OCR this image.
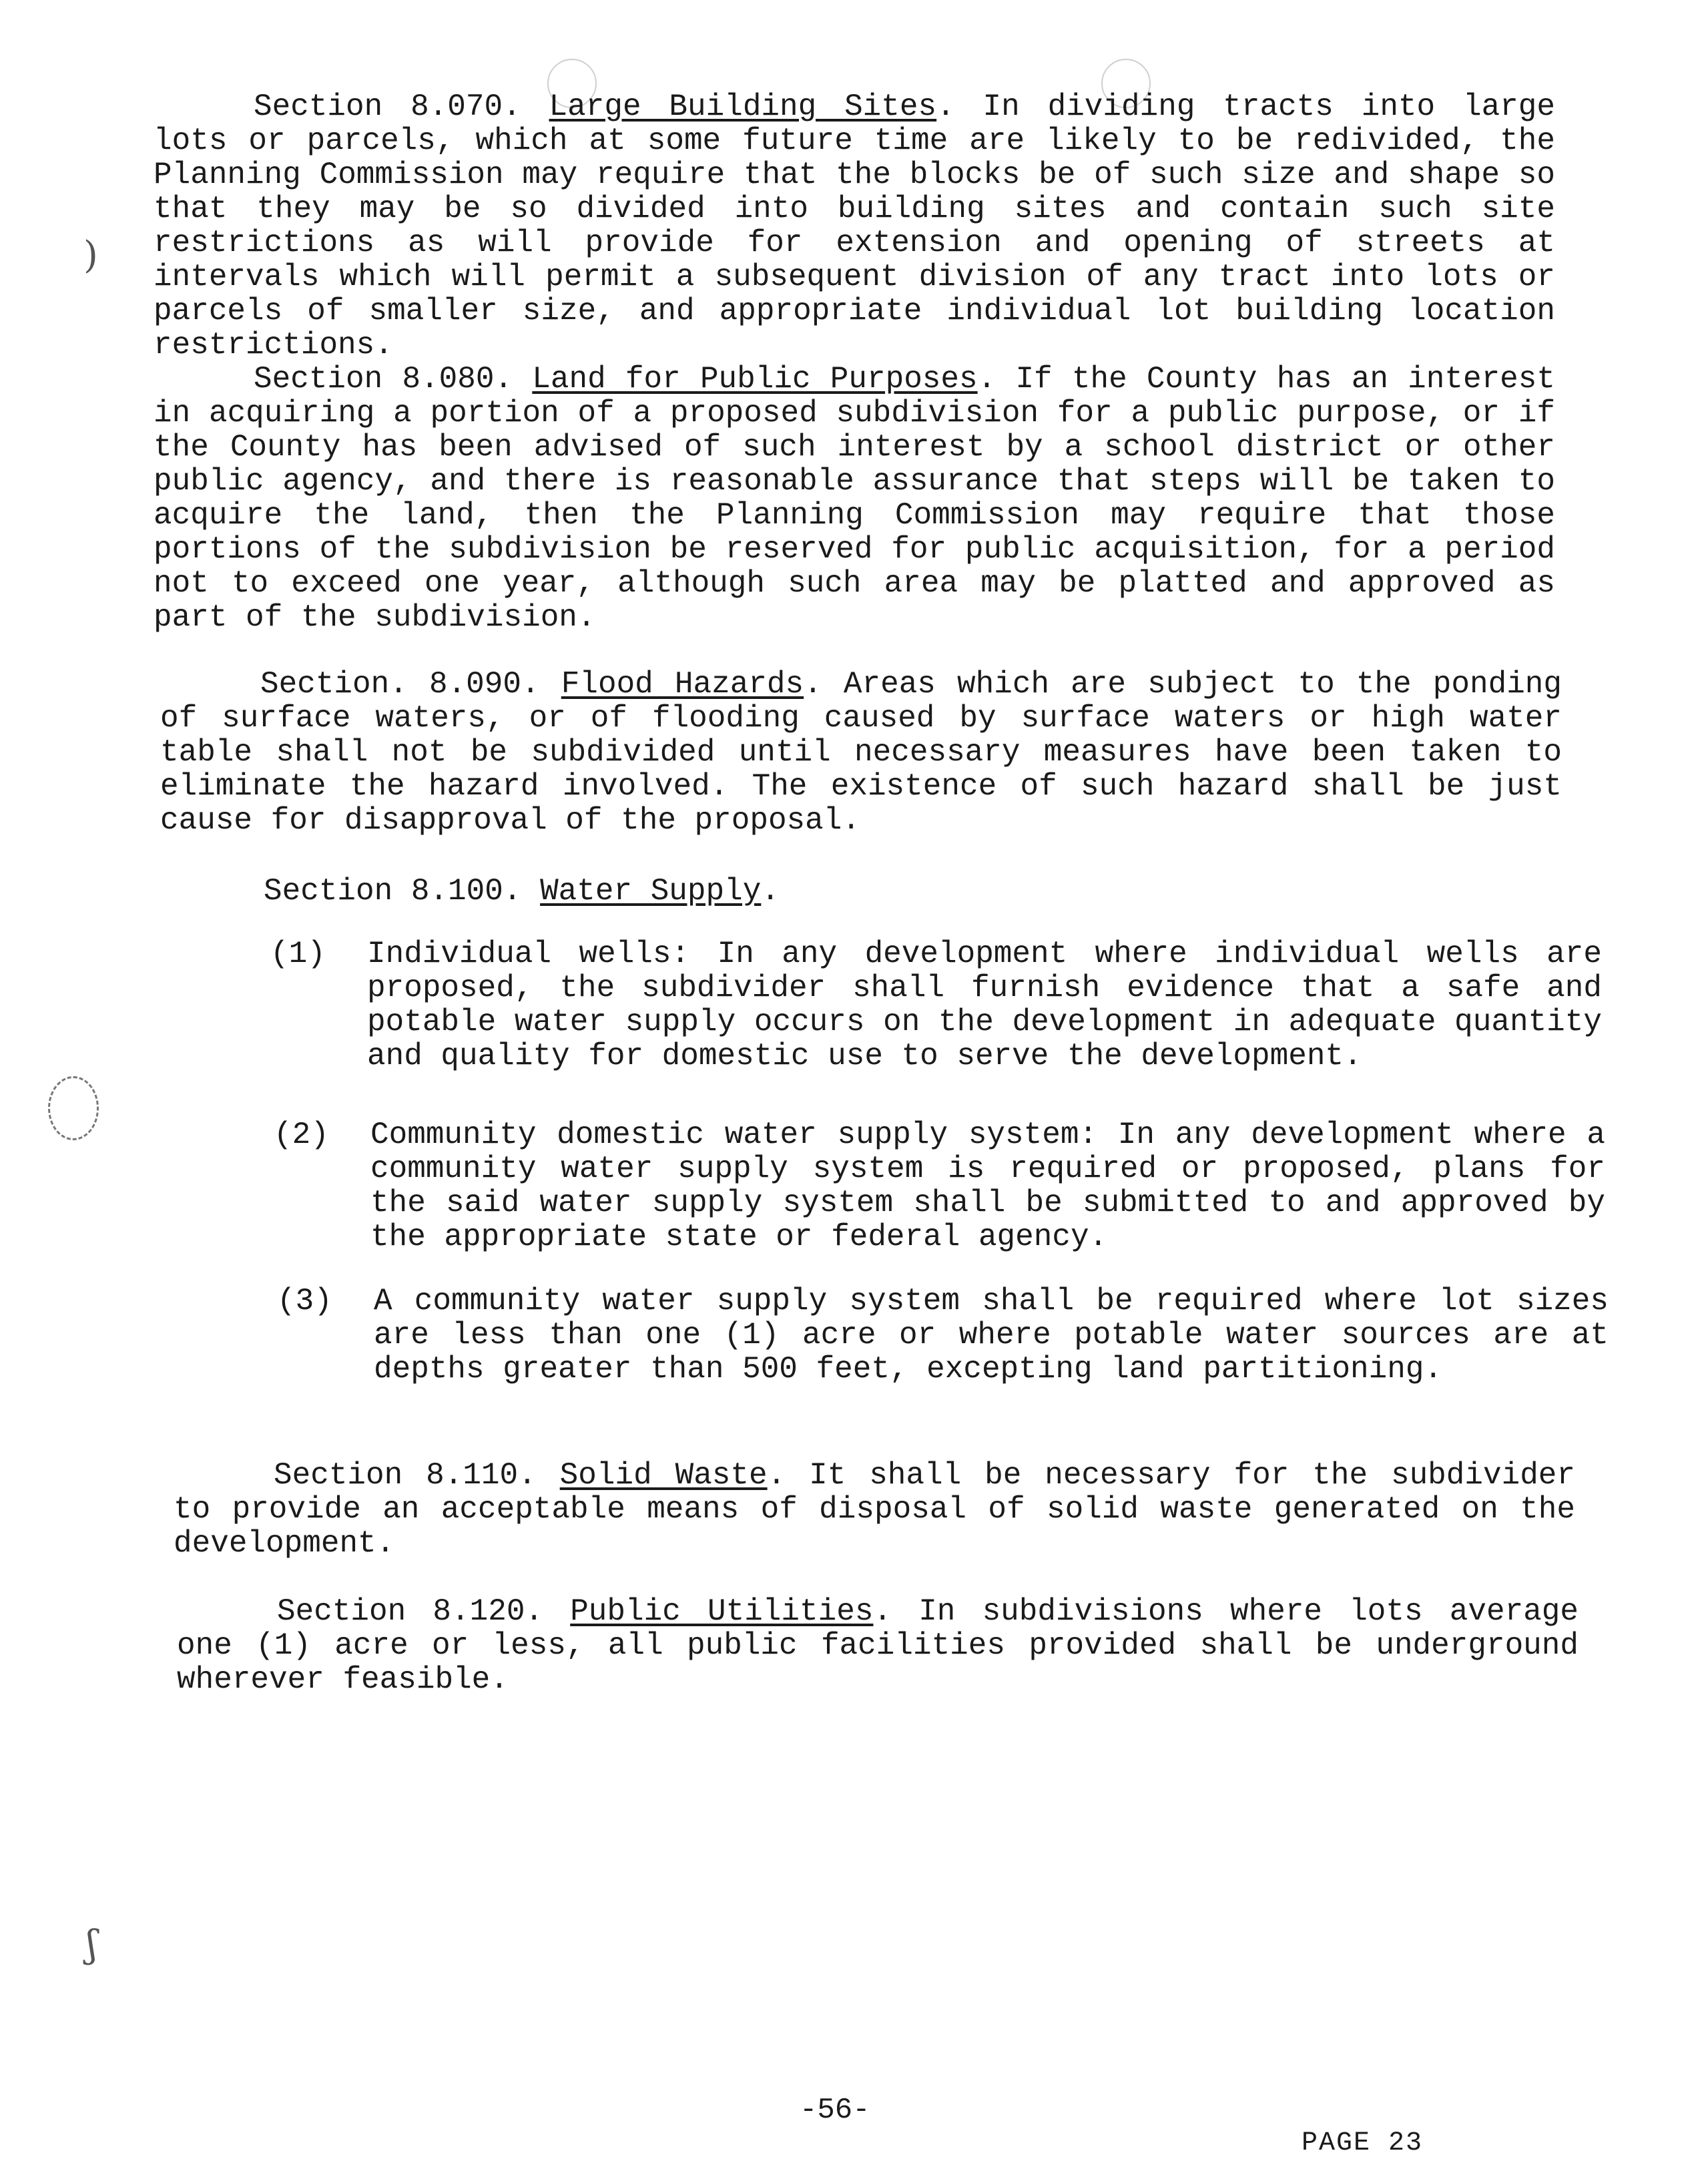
)
ʃ
Section 8.070. Large Building Sites. In dividing tracts into large lots or parcels, which at some future time are likely to be redivided, the Planning Commission may require that the blocks be of such size and shape so that they may be so divided into building sites and contain such site restrictions as will provide for extension and opening of streets at intervals which will permit a subsequent division of any tract into lots or parcels of smaller size, and appropriate individual lot building location restrictions.
Section 8.080. Land for Public Purposes. If the County has an interest in acquiring a portion of a proposed subdivision for a public purpose, or if the County has been advised of such interest by a school district or other public agency, and there is reasonable assurance that steps will be taken to acquire the land, then the Planning Commission may require that those portions of the subdivision be reserved for public acquisition, for a period not to exceed one year, although such area may be platted and approved as part of the subdivision.
Section. 8.090. Flood Hazards. Areas which are subject to the ponding of surface waters, or of flooding caused by surface waters or high water table shall not be subdivided until necessary measures have been taken to eliminate the hazard involved. The existence of such hazard shall be just cause for disapproval of the proposal.
Section 8.100. Water Supply.
(1) Individual wells: In any development where individual wells are proposed, the subdivider shall furnish evidence that a safe and potable water supply occurs on the development in adequate quantity and quality for domestic use to serve the development.
(2) Community domestic water supply system: In any development where a community water supply system is required or proposed, plans for the said water supply system shall be submitted to and approved by the appropriate state or federal agency.
(3) A community water supply system shall be required where lot sizes are less than one (1) acre or where potable water sources are at depths greater than 500 feet, excepting land partitioning.
Section 8.110. Solid Waste. It shall be necessary for the subdivider to provide an acceptable means of disposal of solid waste generated on the development.
Section 8.120. Public Utilities. In subdivisions where lots average one (1) acre or less, all public facilities provided shall be underground wherever feasible.
-56-
PAGE 23
